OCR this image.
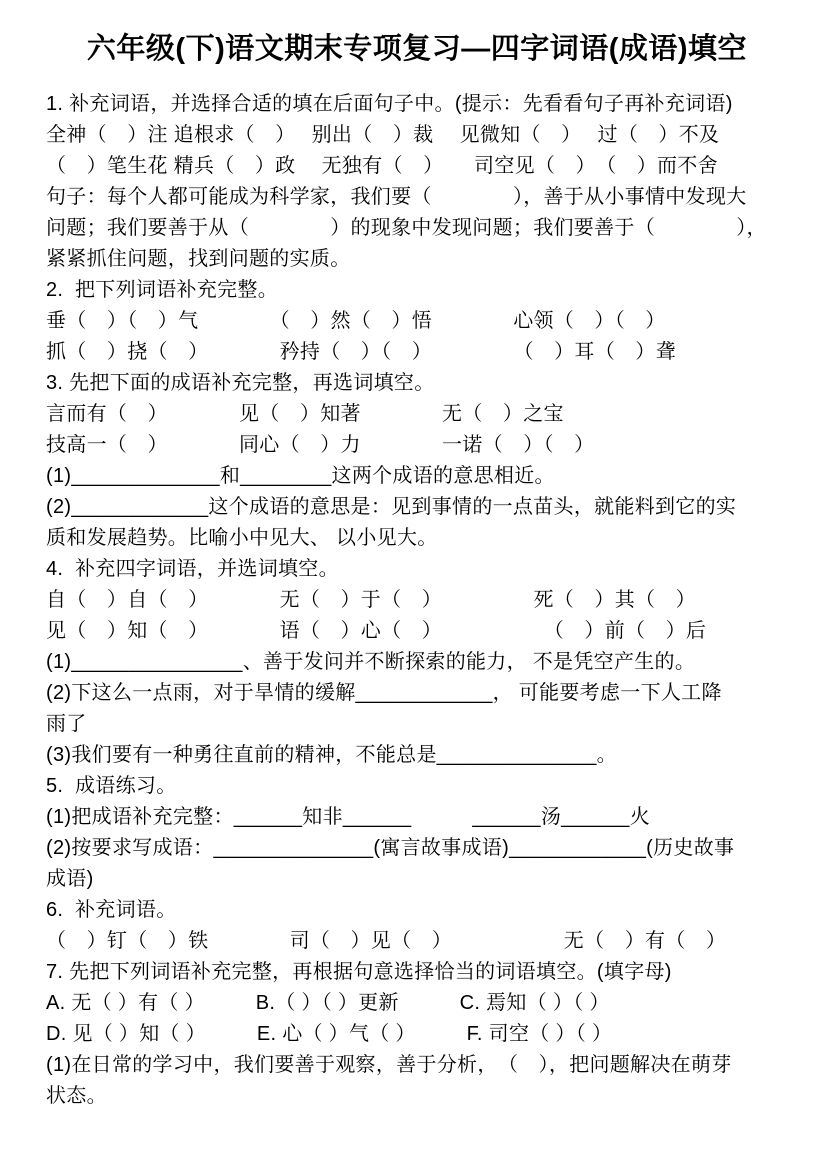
六年级(下)语文期末专项复习—四字词语(成语)填空
1. 补充词语，并选择合适的填在后面句子中。(提示：先看看句子再补充词语)
全神（　）注 追根求（　）　 别出（　）裁　 见微知（　）　 过（　）不及
（　）笔生花 精兵（　）政　 无独有（　）　　司空见（　）　（　）而不舍
句子：每个人都可能成为科学家，我们要（　　　　），善于从小事情中发现大
问题；我们要善于从（　　　　）的现象中发现问题；我们要善于（　　　　），
紧紧抓住问题，找到问题的实质。
2.  把下列词语补充完整。
垂（　）（　）气　　　　（　）然（　）悟　　　　心领（　）（　）
抓（　）挠（　）　　　　矜持（　）（　）　　　　　（　）耳（　）聋
3. 先把下面的成语补充完整，再选词填空。
言而有（　）　　　　见（　）知著　　　　无（　）之宝
技高一（　）　　　　同心（　）力　　　　一诺（　）（　）
(1)_____________和________这两个成语的意思相近。
(2)____________这个成语的意思是：见到事情的一点苗头，就能料到它的实
质和发展趋势。比喻小中见大、 以小见大。
4.  补充四字词语，并选词填空。
自（　）自（　）　　　　无（　）于（　）　　　　　死（　）其（　）
见（　）知（　）　　　　语（　）心（　）　　　　　　（　）前（　）后
(1)_______________、善于发问并不断探索的能力， 不是凭空产生的。
(2)下这么一点雨，对于旱情的缓解____________， 可能要考虑一下人工降
雨了
(3)我们要有一种勇往直前的精神，不能总是______________。
5.  成语练习。
(1)把成语补充完整：______知非______　　　______汤______火
(2)按要求写成语：______________(寓言故事成语)____________(历史故事
成语)
6.  补充词语。
（　）钉（　）铁　　　　司（　）见（　）　　　　　　无（　）有（　）
7. 先把下列词语补充完整，再根据句意选择恰当的词语填空。(填字母)
A. 无（ ）有（ ）　　　B.（ ）（ ）更新　　　C. 焉知（ ）（ ）
D. 见（ ）知（ ）　　　E. 心（ ）气（ ）　　　F. 司空（ ）（ ）
(1)在日常的学习中，我们要善于观察，善于分析，　（　），把问题解决在萌芽
状态。
